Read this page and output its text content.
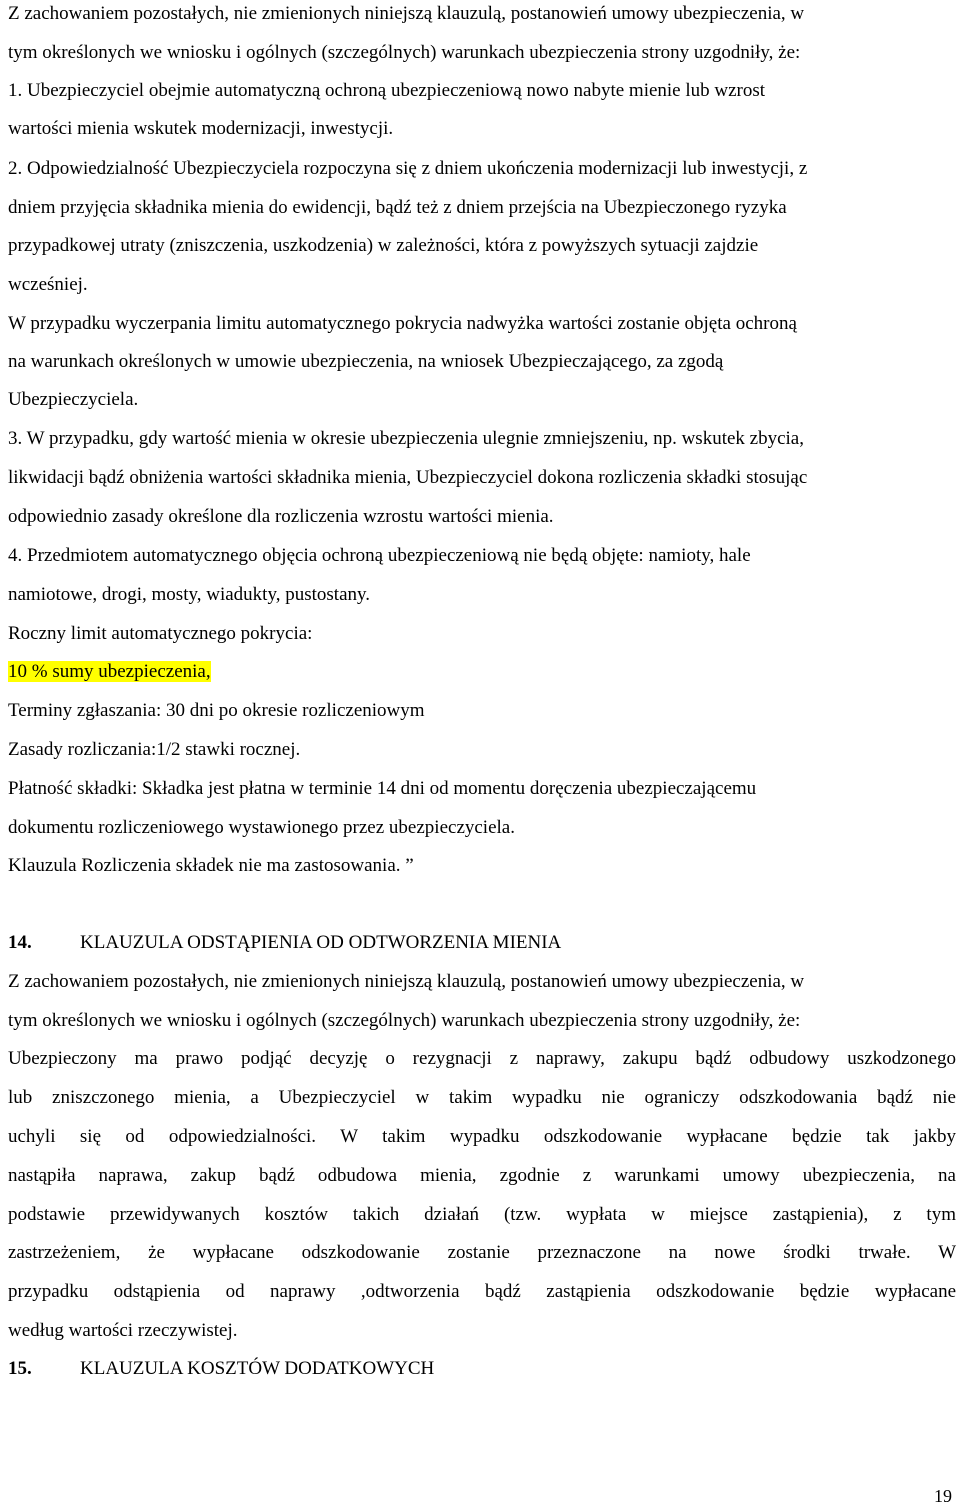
Z zachowaniem pozostałych, nie zmienionych niniejszą klauzulą, postanowień umowy ubezpieczenia, w
tym określonych we wniosku i ogólnych (szczególnych) warunkach ubezpieczenia strony uzgodniły, że:
1. Ubezpieczyciel obejmie automatyczną ochroną ubezpieczeniową nowo nabyte mienie lub wzrost
wartości mienia wskutek modernizacji, inwestycji.
2. Odpowiedzialność Ubezpieczyciela rozpoczyna się z dniem ukończenia modernizacji lub inwestycji, z
dniem przyjęcia składnika mienia do ewidencji, bądź też z dniem przejścia na Ubezpieczonego ryzyka
przypadkowej utraty (zniszczenia, uszkodzenia) w zależności, która z powyższych sytuacji zajdzie
wcześniej.
W przypadku wyczerpania limitu automatycznego pokrycia nadwyżka wartości zostanie objęta ochroną
na warunkach określonych w umowie ubezpieczenia, na wniosek Ubezpieczającego, za zgodą
Ubezpieczyciela.
3. W przypadku, gdy wartość mienia w okresie ubezpieczenia ulegnie zmniejszeniu, np. wskutek zbycia,
likwidacji bądź obniżenia wartości składnika mienia, Ubezpieczyciel dokona rozliczenia składki stosując
odpowiednio zasady określone dla rozliczenia wzrostu wartości mienia.
4. Przedmiotem automatycznego objęcia ochroną ubezpieczeniową nie będą objęte: namioty, hale
namiotowe, drogi, mosty, wiadukty, pustostany.
Roczny limit automatycznego pokrycia:
10 % sumy ubezpieczenia,
Terminy zgłaszania: 30 dni po okresie rozliczeniowym
Zasady rozliczania:1/2 stawki rocznej.
Płatność składki: Składka jest płatna w terminie 14 dni od momentu doręczenia ubezpieczającemu
dokumentu rozliczeniowego wystawionego przez ubezpieczyciela.
Klauzula Rozliczenia składek nie ma zastosowania. ”
14.	KLAUZULA ODSTĄPIENIA OD ODTWORZENIA MIENIA
Z zachowaniem pozostałych, nie zmienionych niniejszą klauzulą, postanowień umowy ubezpieczenia, w
tym określonych we wniosku i ogólnych (szczególnych) warunkach ubezpieczenia strony uzgodniły, że:
Ubezpieczony ma prawo podjąć decyzję o rezygnacji z naprawy, zakupu bądź odbudowy uszkodzonego
lub zniszczonego mienia, a Ubezpieczyciel w takim wypadku nie ograniczy odszkodowania bądź nie
uchyli się od odpowiedzialności. W takim wypadku odszkodowanie wypłacane będzie tak jakby
nastąpiła naprawa, zakup bądź odbudowa mienia, zgodnie z warunkami umowy ubezpieczenia, na
podstawie przewidywanych kosztów takich działań (tzw. wypłata w miejsce zastąpienia), z tym
zastrzeżeniem, że wypłacane odszkodowanie zostanie przeznaczone na nowe środki trwałe. W
przypadku odstąpienia od naprawy ,odtworzenia bądź zastąpienia odszkodowanie będzie wypłacane
według wartości rzeczywistej.
15.	KLAUZULA KOSZTÓW DODATKOWYCH
19
